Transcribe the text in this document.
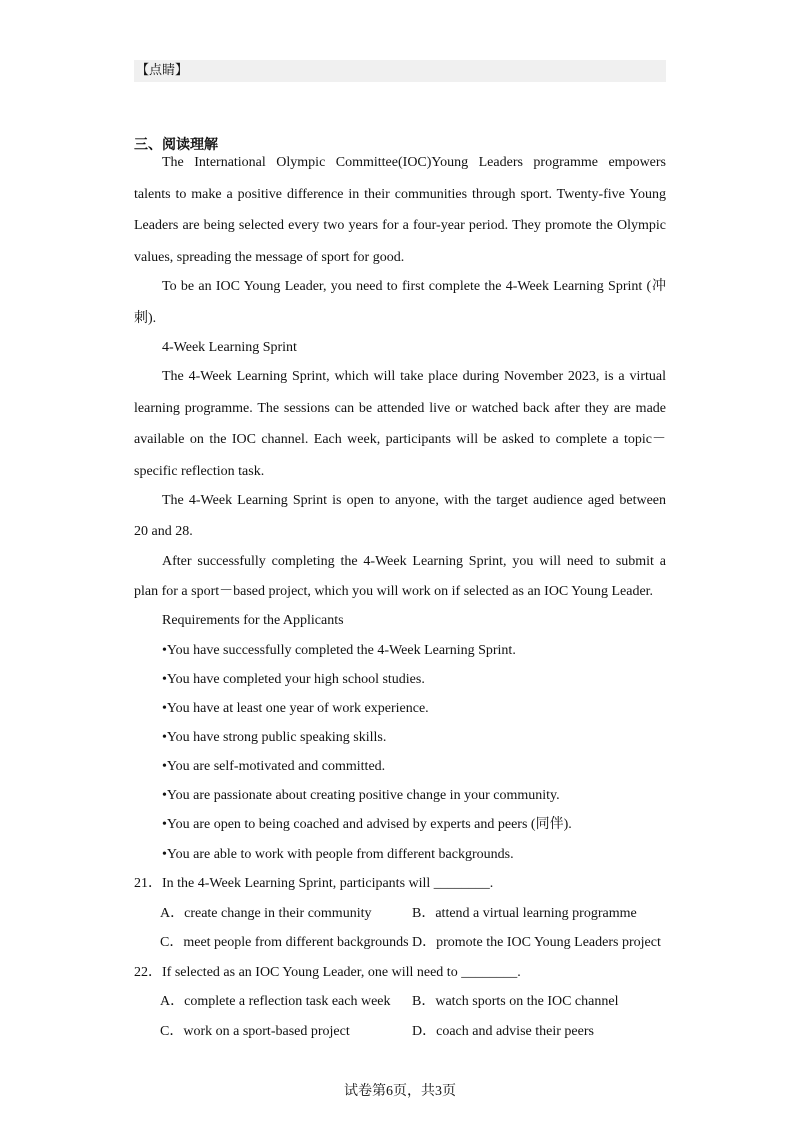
【点睛】
三、阅读理解
The International Olympic Committee(IOC)Young Leaders programme empowers
talents to make a positive difference in their communities through sport. Twenty-five Young
Leaders are being selected every two years for a four-year period. They promote the Olympic
values, spreading the message of sport for good.
To be an IOC Young Leader, you need to first complete the 4-Week Learning Sprint (冲
刺).
4-Week Learning Sprint
The 4-Week Learning Sprint, which will take place during November 2023, is a virtual
learning programme. The sessions can be attended live or watched back after they are made
available on the IOC channel. Each week, participants will be asked to complete a topic－
specific reflection task.
The 4-Week Learning Sprint is open to anyone, with the target audience aged between
20 and 28.
After successfully completing the 4-Week Learning Sprint, you will need to submit a
plan for a sport－based project, which you will work on if selected as an IOC Young Leader.
Requirements for the Applicants
•You have successfully completed the 4-Week Learning Sprint.
•You have completed your high school studies.
•You have at least one year of work experience.
•You have strong public speaking skills.
•You are self-motivated and committed.
•You are passionate about creating positive change in your community.
•You are open to being coached and advised by experts and peers (同伴).
•You are able to work with people from different backgrounds.
21．In the 4-Week Learning Sprint, participants will ________.
A．create change in their community	B．attend a virtual learning programme
C．meet people from different backgrounds D．promote the IOC Young Leaders project
22．If selected as an IOC Young Leader, one will need to ________.
A．complete a reflection task each week B．watch sports on the IOC channel
C．work on a sport-based project	D．coach and advise their peers
试卷第6页，共3页
